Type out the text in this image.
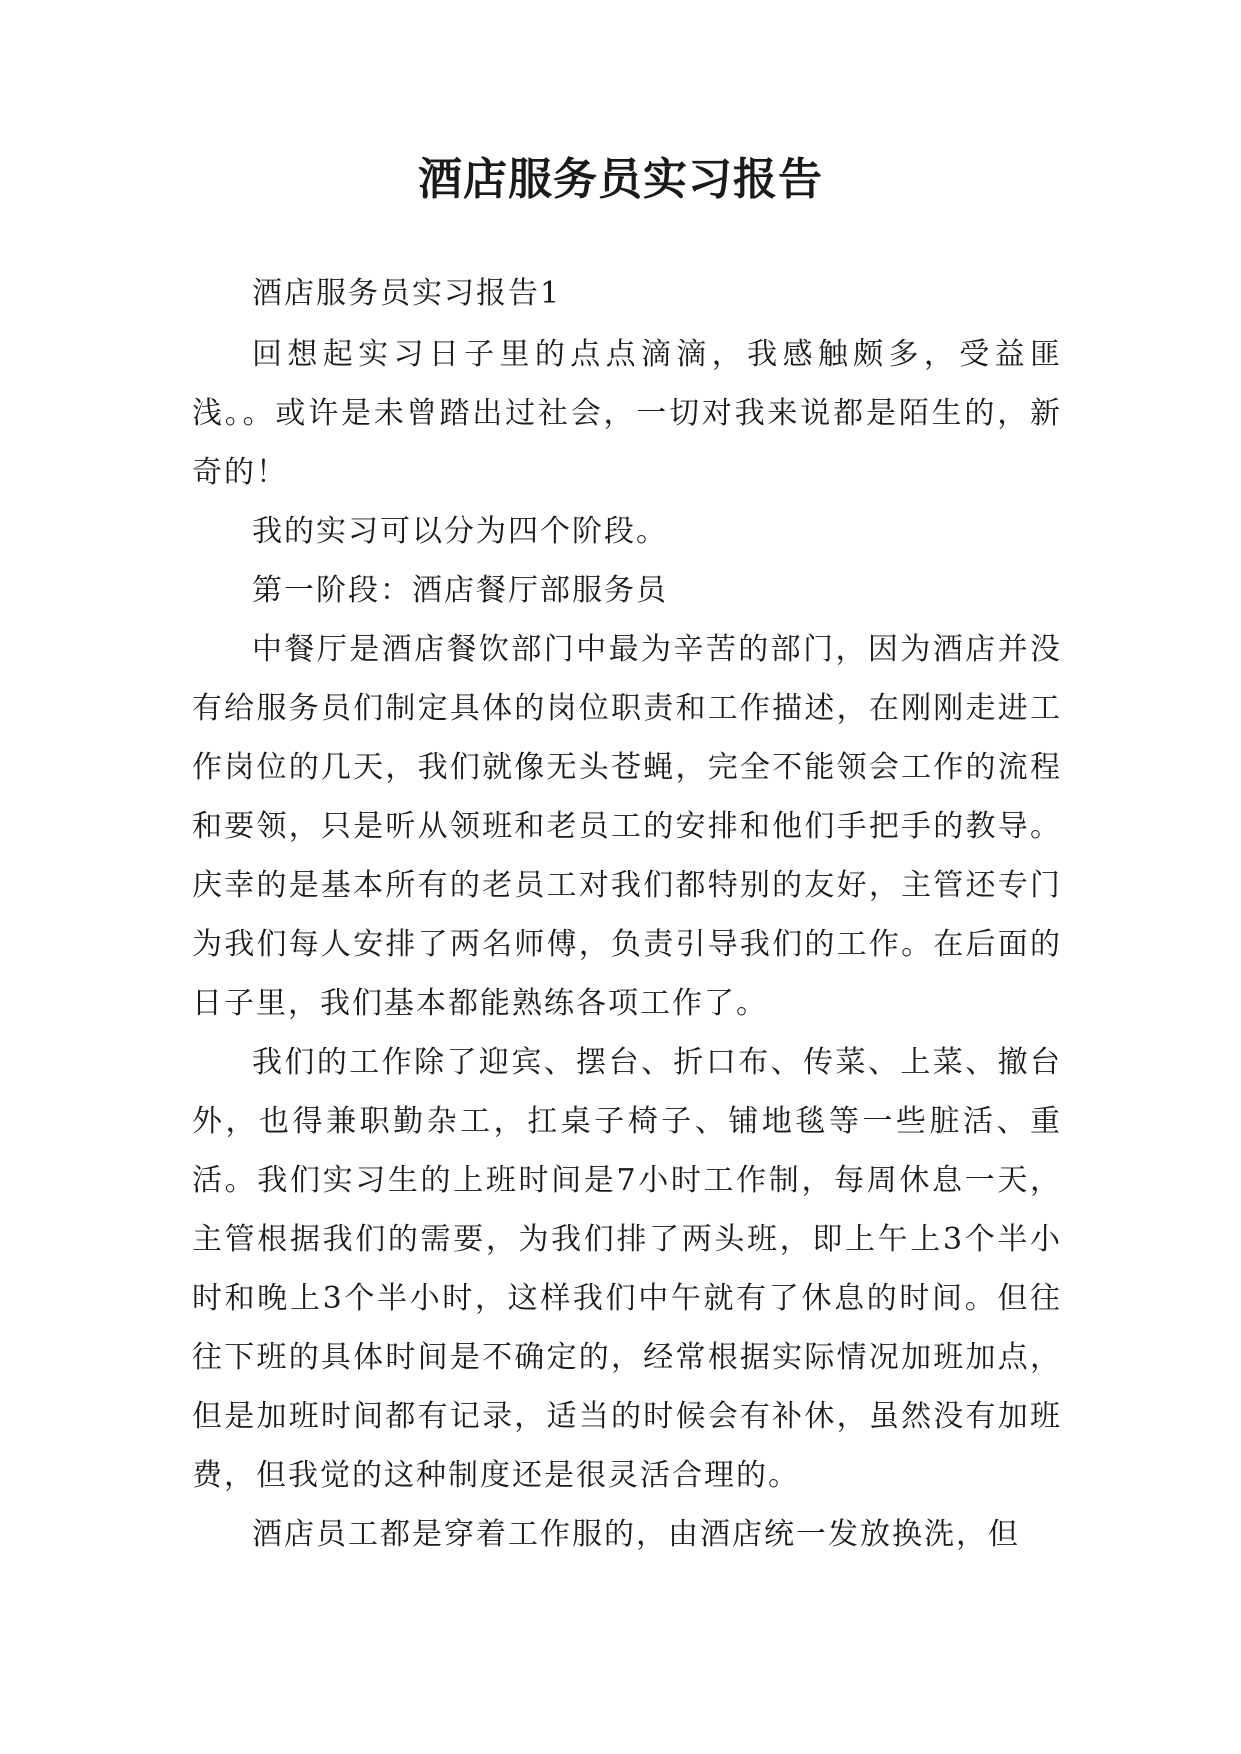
酒店服务员实习报告

酒店服务员实习报告1

回想起实习日子里的点点滴滴，我感触颇多，受益匪浅。。或许是未曾踏出过社会，一切对我来说都是陌生的，新奇的！

我的实习可以分为四个阶段。

第一阶段：酒店餐厅部服务员

中餐厅是酒店餐饮部门中最为辛苦的部门，因为酒店并没有给服务员们制定具体的岗位职责和工作描述，在刚刚走进工作岗位的几天，我们就像无头苍蝇，完全不能领会工作的流程和要领，只是听从领班和老员工的安排和他们手把手的教导。庆幸的是基本所有的老员工对我们都特别的友好，主管还专门为我们每人安排了两名师傅，负责引导我们的工作。在后面的日子里，我们基本都能熟练各项工作了。

我们的工作除了迎宾、摆台、折口布、传菜、上菜、撤台外，也得兼职勤杂工，扛桌子椅子、铺地毯等一些脏活、重活。我们实习生的上班时间是7小时工作制，每周休息一天，主管根据我们的需要，为我们排了两头班，即上午上3个半小时和晚上3个半小时，这样我们中午就有了休息的时间。但往往下班的具体时间是不确定的，经常根据实际情况加班加点，但是加班时间都有记录，适当的时候会有补休，虽然没有加班费，但我觉的这种制度还是很灵活合理的。

酒店员工都是穿着工作服的，由酒店统一发放换洗，但
